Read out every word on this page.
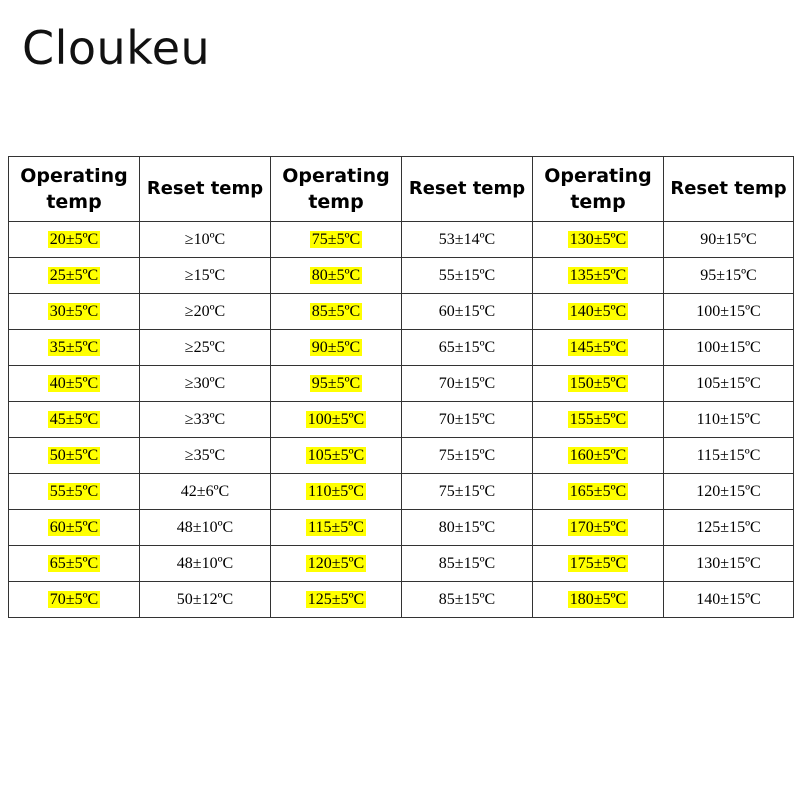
Cloukeu
Operating temp	Reset temp	Operating temp	Reset temp	Operating temp	Reset temp
20±5ºC	≥10ºC	75±5ºC	53±14ºC	130±5ºC	90±15ºC
25±5ºC	≥15ºC	80±5ºC	55±15ºC	135±5ºC	95±15ºC
30±5ºC	≥20ºC	85±5ºC	60±15ºC	140±5ºC	100±15ºC
35±5ºC	≥25ºC	90±5ºC	65±15ºC	145±5ºC	100±15ºC
40±5ºC	≥30ºC	95±5ºC	70±15ºC	150±5ºC	105±15ºC
45±5ºC	≥33ºC	100±5ºC	70±15ºC	155±5ºC	110±15ºC
50±5ºC	≥35ºC	105±5ºC	75±15ºC	160±5ºC	115±15ºC
55±5ºC	42±6ºC	110±5ºC	75±15ºC	165±5ºC	120±15ºC
60±5ºC	48±10ºC	115±5ºC	80±15ºC	170±5ºC	125±15ºC
65±5ºC	48±10ºC	120±5ºC	85±15ºC	175±5ºC	130±15ºC
70±5ºC	50±12ºC	125±5ºC	85±15ºC	180±5ºC	140±15ºC
